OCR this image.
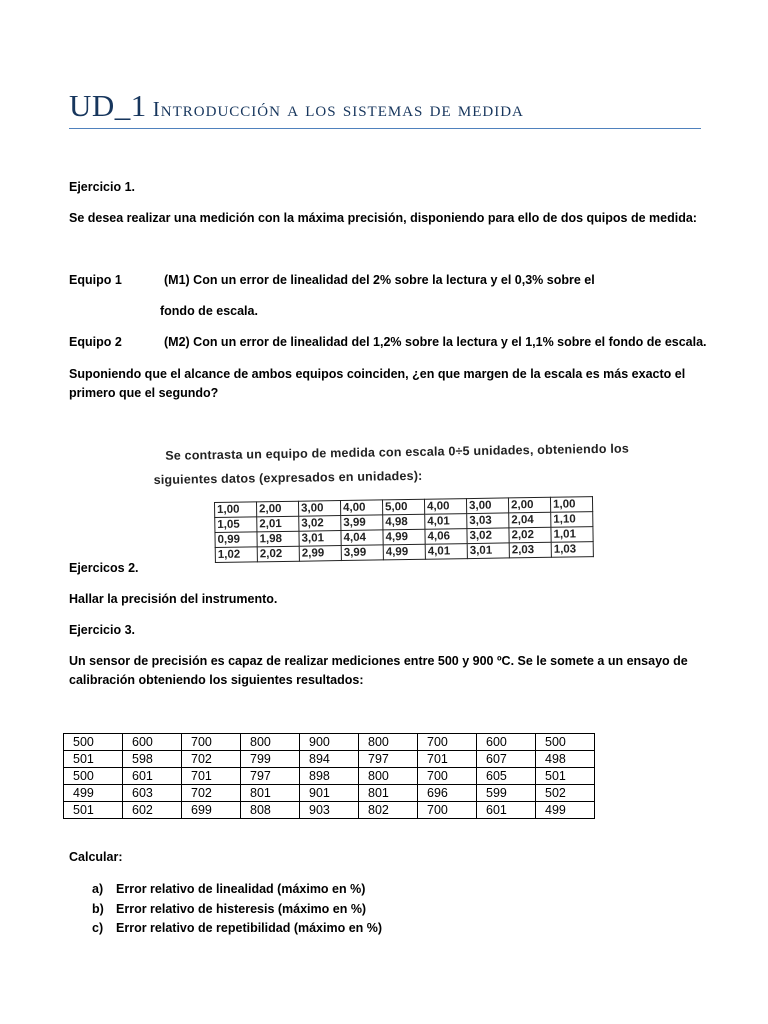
UD_1 Introducción a los sistemas de medida
Ejercicio 1.
Se desea realizar una medición con la máxima precisión, disponiendo para ello de dos quipos de medida:
Equipo 1	(M1) Con un error de linealidad del 2% sobre la lectura y el 0,3% sobre el
fondo de escala.
Equipo 2	(M2) Con un error de linealidad del 1,2% sobre la lectura y el 1,1% sobre el fondo de escala.
Suponiendo que el alcance de ambos equipos coinciden, ¿en que margen de la escala es más exacto el
primero que el segundo?
Se contrasta un equipo de medida con escala 0÷5 unidades, obteniendo los
siguientes datos (expresados en unidades):
1,00	2,00	3,00	4,00	5,00	4,00	3,00	2,00	1,00
1,05	2,01	3,02	3,99	4,98	4,01	3,03	2,04	1,10
0,99	1,98	3,01	4,04	4,99	4,06	3,02	2,02	1,01
1,02	2,02	2,99	3,99	4,99	4,01	3,01	2,03	1,03
Ejercicos 2.
Hallar la precisión del instrumento.
Ejercicio 3.
Un sensor de precisión es capaz de realizar mediciones entre 500 y 900 ºC. Se le somete a un ensayo de
calibración obteniendo los siguientes resultados:
500	600	700	800	900	800	700	600	500
501	598	702	799	894	797	701	607	498
500	601	701	797	898	800	700	605	501
499	603	702	801	901	801	696	599	502
501	602	699	808	903	802	700	601	499
Calcular:
a) Error relativo de linealidad (máximo en %)
b) Error relativo de histeresis (máximo en %)
c) Error relativo de repetibilidad (máximo en %)
